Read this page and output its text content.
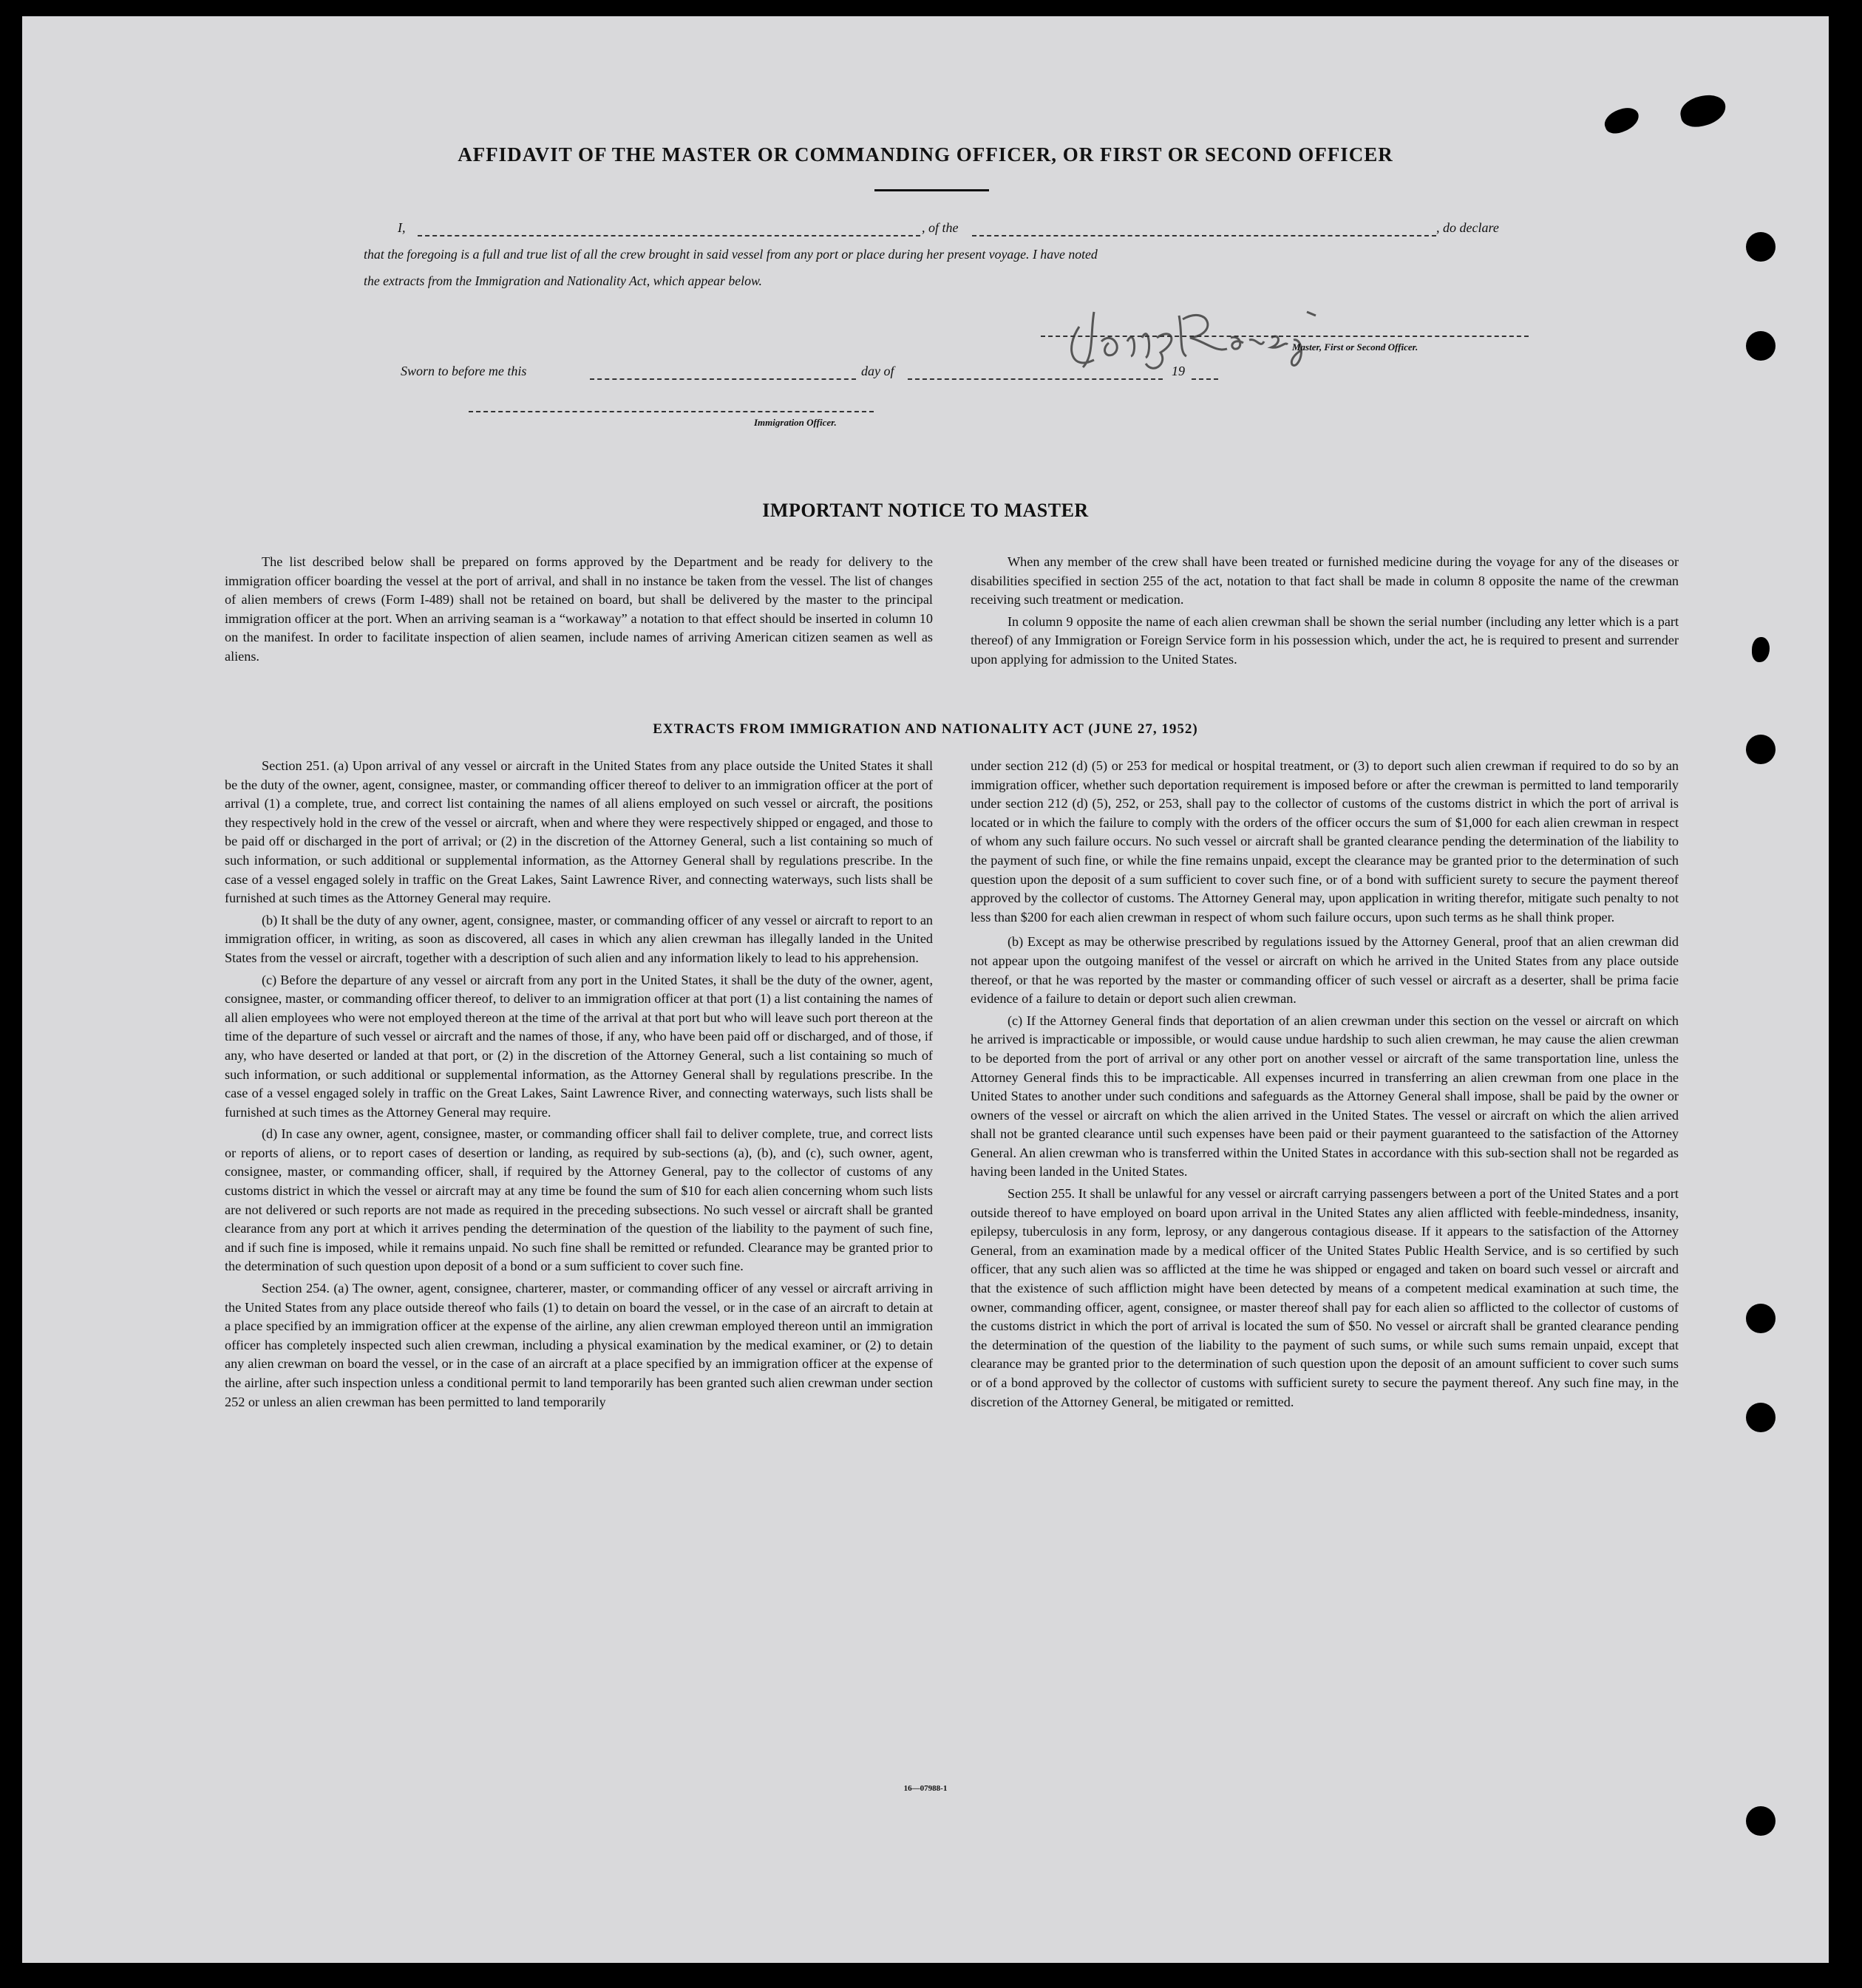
AFFIDAVIT OF THE MASTER OR COMMANDING OFFICER, OR FIRST OR SECOND OFFICER
I,	, of the	, do declare
that the foregoing is a full and true list of all the crew brought in said vessel from any port or place during her present voyage. I have noted
the extracts from the Immigration and Nationality Act, which appear below.
Master, First or Second Officer.
Sworn to before me this	day of	19
Immigration Officer.
IMPORTANT NOTICE TO MASTER

The list described below shall be prepared on forms approved by the Department and be ready for delivery to the immigration officer boarding the vessel at the port of arrival, and shall in no instance be taken from the vessel. The list of changes of alien members of crews (Form I-489) shall not be retained on board, but shall be delivered by the master to the principal immigration officer at the port. When an arriving seaman is a “workaway” a notation to that effect should be inserted in column 10 on the manifest. In order to facilitate inspection of alien seamen, include names of arriving American citizen seamen as well as aliens.

When any member of the crew shall have been treated or furnished medicine during the voyage for any of the diseases or disabilities specified in section 255 of the act, notation to that fact shall be made in column 8 opposite the name of the crewman receiving such treatment or medication.

In column 9 opposite the name of each alien crewman shall be shown the serial number (including any letter which is a part thereof) of any Immigration or Foreign Service form in his possession which, under the act, he is required to present and surrender upon applying for admission to the United States.

EXTRACTS FROM IMMIGRATION AND NATIONALITY ACT (JUNE 27, 1952)

Section 251. (a) Upon arrival of any vessel or aircraft in the United States from any place outside the United States it shall be the duty of the owner, agent, consignee, master, or commanding officer thereof to deliver to an immigration officer at the port of arrival (1) a complete, true, and correct list containing the names of all aliens employed on such vessel or aircraft, the positions they respectively hold in the crew of the vessel or aircraft, when and where they were respectively shipped or engaged, and those to be paid off or discharged in the port of arrival; or (2) in the discretion of the Attorney General, such a list containing so much of such information, or such additional or supplemental information, as the Attorney General shall by regulations prescribe. In the case of a vessel engaged solely in traffic on the Great Lakes, Saint Lawrence River, and connecting waterways, such lists shall be furnished at such times as the Attorney General may require.

(b) It shall be the duty of any owner, agent, consignee, master, or commanding officer of any vessel or aircraft to report to an immigration officer, in writing, as soon as discovered, all cases in which any alien crewman has illegally landed in the United States from the vessel or aircraft, together with a description of such alien and any information likely to lead to his apprehension.

(c) Before the departure of any vessel or aircraft from any port in the United States, it shall be the duty of the owner, agent, consignee, master, or commanding officer thereof, to deliver to an immigration officer at that port (1) a list containing the names of all alien employees who were not employed thereon at the time of the arrival at that port but who will leave such port thereon at the time of the departure of such vessel or aircraft and the names of those, if any, who have been paid off or discharged, and of those, if any, who have deserted or landed at that port, or (2) in the discretion of the Attorney General, such a list containing so much of such information, or such additional or supplemental information, as the Attorney General shall by regulations prescribe. In the case of a vessel engaged solely in traffic on the Great Lakes, Saint Lawrence River, and connecting waterways, such lists shall be furnished at such times as the Attorney General may require.

(d) In case any owner, agent, consignee, master, or commanding officer shall fail to deliver complete, true, and correct lists or reports of aliens, or to report cases of desertion or landing, as required by sub-sections (a), (b), and (c), such owner, agent, consignee, master, or commanding officer, shall, if required by the Attorney General, pay to the collector of customs of any customs district in which the vessel or aircraft may at any time be found the sum of $10 for each alien concerning whom such lists are not delivered or such reports are not made as required in the preceding subsections. No such vessel or aircraft shall be granted clearance from any port at which it arrives pending the determination of the question of the liability to the payment of such fine, and if such fine is imposed, while it remains unpaid. No such fine shall be remitted or refunded. Clearance may be granted prior to the determination of such question upon deposit of a bond or a sum sufficient to cover such fine.

Section 254. (a) The owner, agent, consignee, charterer, master, or commanding officer of any vessel or aircraft arriving in the United States from any place outside thereof who fails (1) to detain on board the vessel, or in the case of an aircraft to detain at a place specified by an immigration officer at the expense of the airline, any alien crewman employed thereon until an immigration officer has completely inspected such alien crewman, including a physical examination by the medical examiner, or (2) to detain any alien crewman on board the vessel, or in the case of an aircraft at a place specified by an immigration officer at the expense of the airline, after such inspection unless a conditional permit to land temporarily has been granted such alien crewman under section 252 or unless an alien crewman has been permitted to land temporarily

under section 212 (d) (5) or 253 for medical or hospital treatment, or (3) to deport such alien crewman if required to do so by an immigration officer, whether such deportation requirement is imposed before or after the crewman is permitted to land temporarily under section 212 (d) (5), 252, or 253, shall pay to the collector of customs of the customs district in which the port of arrival is located or in which the failure to comply with the orders of the officer occurs the sum of $1,000 for each alien crewman in respect of whom any such failure occurs. No such vessel or aircraft shall be granted clearance pending the determination of the liability to the payment of such fine, or while the fine remains unpaid, except the clearance may be granted prior to the determination of such question upon the deposit of a sum sufficient to cover such fine, or of a bond with sufficient surety to secure the payment thereof approved by the collector of customs. The Attorney General may, upon application in writing therefor, mitigate such penalty to not less than $200 for each alien crewman in respect of whom such failure occurs, upon such terms as he shall think proper.

(b) Except as may be otherwise prescribed by regulations issued by the Attorney General, proof that an alien crewman did not appear upon the outgoing manifest of the vessel or aircraft on which he arrived in the United States from any place outside thereof, or that he was reported by the master or commanding officer of such vessel or aircraft as a deserter, shall be prima facie evidence of a failure to detain or deport such alien crewman.

(c) If the Attorney General finds that deportation of an alien crewman under this section on the vessel or aircraft on which he arrived is impracticable or impossible, or would cause undue hardship to such alien crewman, he may cause the alien crewman to be deported from the port of arrival or any other port on another vessel or aircraft of the same transportation line, unless the Attorney General finds this to be impracticable. All expenses incurred in transferring an alien crewman from one place in the United States to another under such conditions and safeguards as the Attorney General shall impose, shall be paid by the owner or owners of the vessel or aircraft on which the alien arrived in the United States. The vessel or aircraft on which the alien arrived shall not be granted clearance until such expenses have been paid or their payment guaranteed to the satisfaction of the Attorney General. An alien crewman who is transferred within the United States in accordance with this sub-section shall not be regarded as having been landed in the United States.

Section 255. It shall be unlawful for any vessel or aircraft carrying passengers between a port of the United States and a port outside thereof to have employed on board upon arrival in the United States any alien afflicted with feeble-mindedness, insanity, epilepsy, tuberculosis in any form, leprosy, or any dangerous contagious disease. If it appears to the satisfaction of the Attorney General, from an examination made by a medical officer of the United States Public Health Service, and is so certified by such officer, that any such alien was so afflicted at the time he was shipped or engaged and taken on board such vessel or aircraft and that the existence of such affliction might have been detected by means of a competent medical examination at such time, the owner, commanding officer, agent, consignee, or master thereof shall pay for each alien so afflicted to the collector of customs of the customs district in which the port of arrival is located the sum of $50. No vessel or aircraft shall be granted clearance pending the determination of the question of the liability to the payment of such sums, or while such sums remain unpaid, except that clearance may be granted prior to the determination of such question upon the deposit of an amount sufficient to cover such sums or of a bond approved by the collector of customs with sufficient surety to secure the payment thereof. Any such fine may, in the discretion of the Attorney General, be mitigated or remitted.

16—07988-1
